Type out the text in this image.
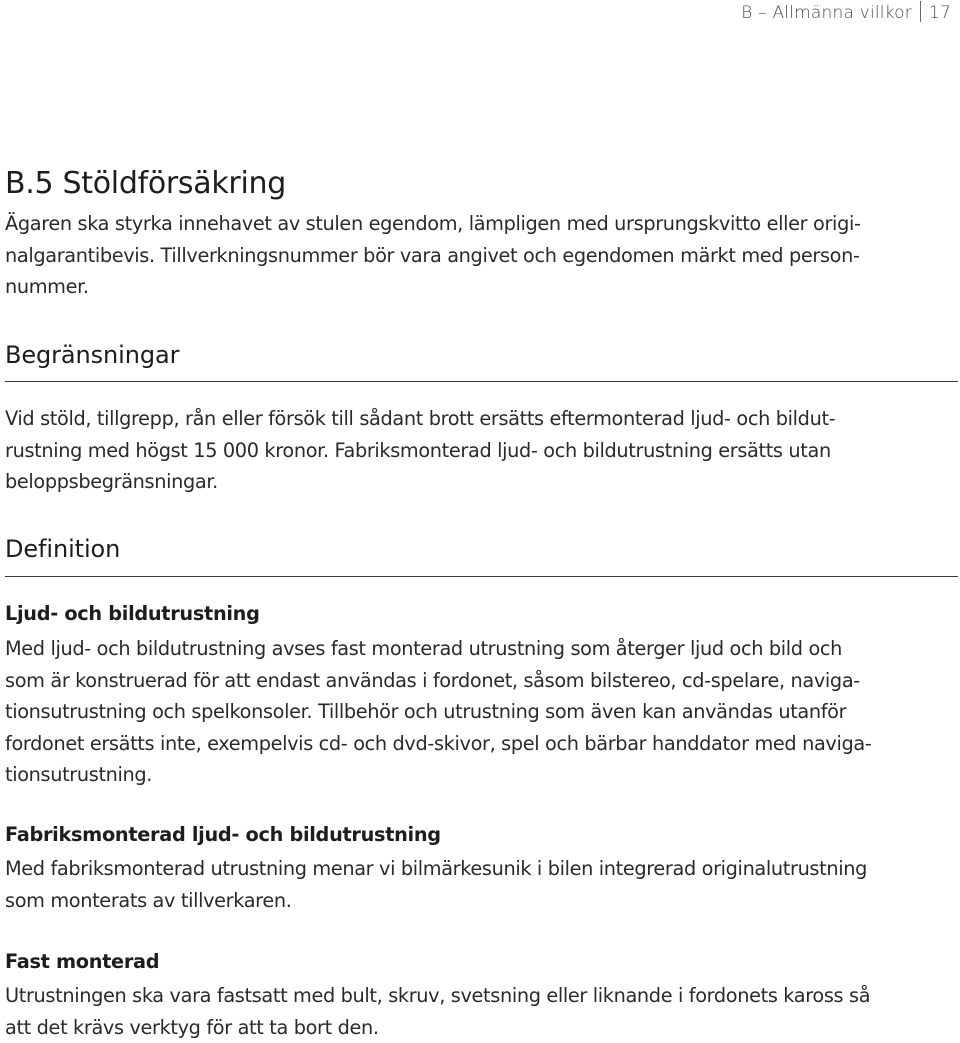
B – Allmänna villkor 17
B.5 Stöldförsäkring

Ägaren ska styrka innehavet av stulen egendom, lämpligen med ursprungskvitto eller origi-
nalgarantibevis. Tillverkningsnummer bör vara angivet och egendomen märkt med person-
nummer.

Begränsningar

Vid stöld, tillgrepp, rån eller försök till sådant brott ersätts eftermonterad ljud- och bildut-
rustning med högst 15 000 kronor. Fabriksmonterad ljud- och bildutrustning ersätts utan
beloppsbegränsningar.

Definition
Ljud- och bildutrustning

Med ljud- och bildutrustning avses fast monterad utrustning som återger ljud och bild och
som är konstruerad för att endast användas i fordonet, såsom bilstereo, cd-spelare, naviga-
tionsutrustning och spelkonsoler. Tillbehör och utrustning som även kan användas utanför
fordonet ersätts inte, exempelvis cd- och dvd-skivor, spel och bärbar handdator med naviga-
tionsutrustning.

Fabriksmonterad ljud- och bildutrustning

Med fabriksmonterad utrustning menar vi bilmärkesunik i bilen integrerad originalutrustning
som monterats av tillverkaren.

Fast monterad

Utrustningen ska vara fastsatt med bult, skruv, svetsning eller liknande i fordonets kaross så
att det krävs verktyg för att ta bort den.
